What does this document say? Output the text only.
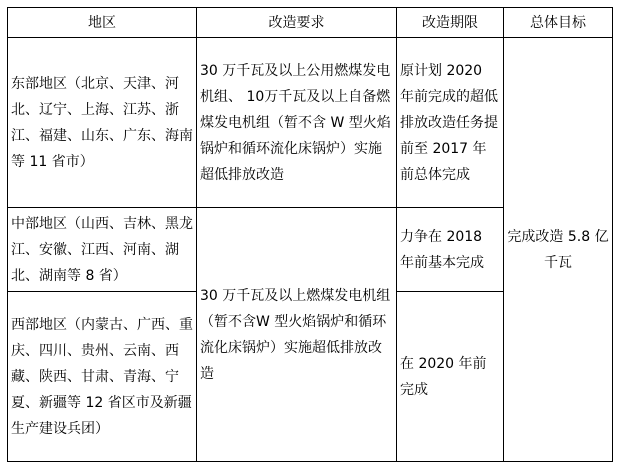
地区	改造要求	改造期限	总体目标

东部地区（北京、天津、河北、辽宁、上海、江苏、浙江、福建、山东、广东、海南等 11 省市）	30 万千瓦及以上公用燃煤发电机组、 10万千瓦及以上自备燃煤发电机组（暂不含 W 型火焰锅炉和循环流化床锅炉）实施超低排放改造	原计划 2020 年前完成的超低排放改造任务提前至 2017 年前总体完成	完成改造 5.8 亿千瓦

中部地区（山西、吉林、黑龙江、安徽、江西、河南、湖北、湖南等 8 省）	30 万千瓦及以上燃煤发电机组（暂不含W 型火焰锅炉和循环流化床锅炉）实施超低排放改造	力争在 2018 年前基本完成	

西部地区（内蒙古、广西、重庆、四川、贵州、云南、西藏、陕西、甘肃、青海、宁夏、新疆等 12 省区市及新疆生产建设兵团）		在 2020 年前完成	
